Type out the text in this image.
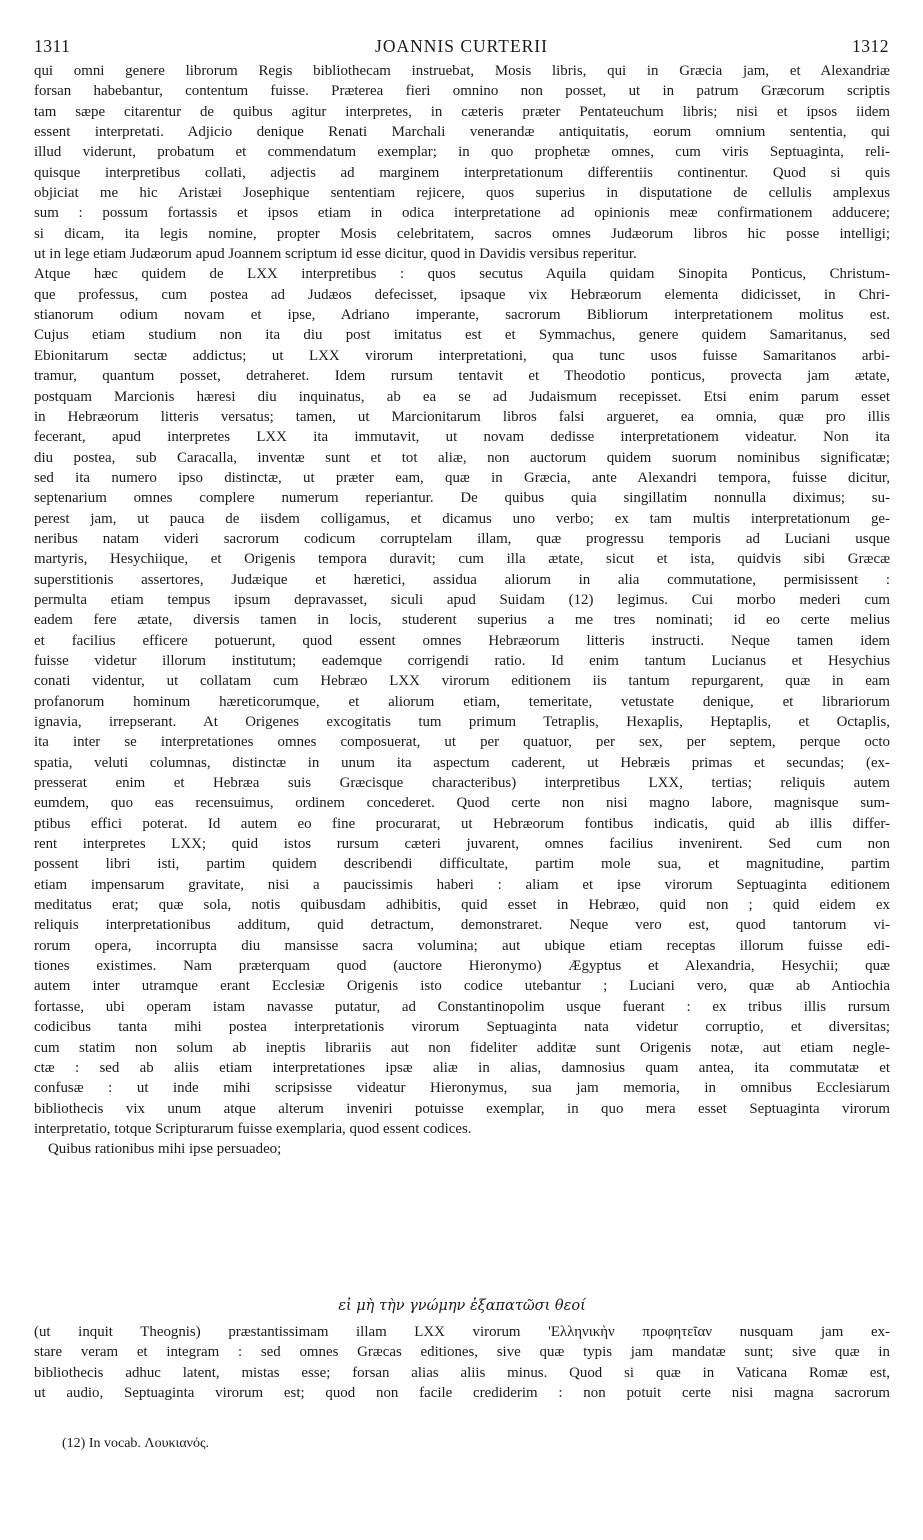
1311	JOANNIS CURTERII	1312
qui omni genere librorum Regis bibliothecam instruebat, Mosis libris, qui in Græcia jam, et Alexandriæ
forsan habebantur, contentum fuisse. Præterea fieri omnino non posset, ut in patrum Græcorum scriptis
tam sæpe citarentur de quibus agitur interpretes, in cæteris præter Pentateuchum libris; nisi et ipsos iidem
essent interpretati. Adjicio denique Renati Marchali venerandæ antiquitatis, eorum omnium sententia, qui
illud viderunt, probatum et commendatum exemplar; in quo prophetæ omnes, cum viris Septuaginta, reli-
quisque interpretibus collati, adjectis ad marginem interpretationum differentiis continentur. Quod si quis
objiciat me hic Aristæi Josephique sententiam rejicere, quos superius in disputatione de cellulis amplexus
sum : possum fortassis et ipsos etiam in odica interpretatione ad opinionis meæ confirmationem adducere;
si dicam, ita legis nomine, propter Mosis celebritatem, sacros omnes Judæorum libros hic posse intelligi;
ut in lege etiam Judæorum apud Joannem scriptum id esse dicitur, quod in Davidis versibus reperitur.
Atque hæc quidem de LXX interpretibus : quos secutus Aquila quidam Sinopita Ponticus, Christum-
que professus, cum postea ad Judæos defecisset, ipsaque vix Hebræorum elementa didicisset, in Chri-
stianorum odium novam et ipse, Adriano imperante, sacrorum Bibliorum interpretationem molitus est.
Cujus etiam studium non ita diu post imitatus est et Symmachus, genere quidem Samaritanus, sed
Ebionitarum sectæ addictus; ut LXX virorum interpretationi, qua tunc usos fuisse Samaritanos arbi-
tramur, quantum posset, detraheret. Idem rursum tentavit et Theodotio ponticus, provecta jam ætate,
postquam Marcionis hæresi diu inquinatus, ab ea se ad Judaismum recepisset. Etsi enim parum esset
in Hebræorum litteris versatus; tamen, ut Marcionitarum libros falsi argueret, ea omnia, quæ pro illis
fecerant, apud interpretes LXX ita immutavit, ut novam dedisse interpretationem videatur. Non ita
diu postea, sub Caracalla, inventæ sunt et tot aliæ, non auctorum quidem suorum nominibus significatæ;
sed ita numero ipso distinctæ, ut præter eam, quæ in Græcia, ante Alexandri tempora, fuisse dicitur,
septenarium omnes complere numerum reperiantur. De quibus quia singillatim nonnulla diximus; su-
perest jam, ut pauca de iisdem colligamus, et dicamus uno verbo; ex tam multis interpretationum ge-
neribus natam videri sacrorum codicum corruptelam illam, quæ progressu temporis ad Luciani usque
martyris, Hesychiique, et Origenis tempora duravit; cum illa ætate, sicut et ista, quidvis sibi Græcæ
superstitionis assertores, Judæique et hæretici, assidua aliorum in alia commutatione, permisissent :
permulta etiam tempus ipsum depravasset, siculi apud Suidam (12) legimus. Cui morbo mederi cum
eadem fere ætate, diversis tamen in locis, studerent superius a me tres nominati; id eo certe melius
et facilius efficere potuerunt, quod essent omnes Hebræorum litteris instructi. Neque tamen idem
fuisse videtur illorum institutum; eademque corrigendi ratio. Id enim tantum Lucianus et Hesychius
conati videntur, ut collatam cum Hebræo LXX virorum editionem iis tantum repurgarent, quæ in eam
profanorum hominum hæreticorumque, et aliorum etiam, temeritate, vetustate denique, et librariorum
ignavia, irrepserant. At Origenes excogitatis tum primum Tetraplis, Hexaplis, Heptaplis, et Octaplis,
ita inter se interpretationes omnes composuerat, ut per quatuor, per sex, per septem, perque octo
spatia, veluti columnas, distinctæ in unum ita aspectum caderent, ut Hebræis primas et secundas; (ex-
presserat enim et Hebræa suis Græcisque characteribus) interpretibus LXX, tertias; reliquis autem
eumdem, quo eas recensuimus, ordinem concederet. Quod certe non nisi magno labore, magnisque sum-
ptibus effici poterat. Id autem eo fine procurarat, ut Hebræorum fontibus indicatis, quid ab illis differ-
rent interpretes LXX; quid istos rursum cæteri juvarent, omnes facilius invenirent. Sed cum non
possent libri isti, partim quidem describendi difficultate, partim mole sua, et magnitudine, partim
etiam impensarum gravitate, nisi a paucissimis haberi : aliam et ipse virorum Septuaginta editionem
meditatus erat; quæ sola, notis quibusdam adhibitis, quid esset in Hebræo, quid non ; quid eidem ex
reliquis interpretationibus additum, quid detractum, demonstraret. Neque vero est, quod tantorum vi-
rorum opera, incorrupta diu mansisse sacra volumina; aut ubique etiam receptas illorum fuisse edi-
tiones existimes. Nam præterquam quod (auctore Hieronymo) Ægyptus et Alexandria, Hesychii; quæ
autem inter utramque erant Ecclesiæ Origenis isto codice utebantur ; Luciani vero, quæ ab Antiochia
fortasse, ubi operam istam navasse putatur, ad Constantinopolim usque fuerant : ex tribus illis rursum
codicibus tanta mihi postea interpretationis virorum Septuaginta nata videtur corruptio, et diversitas;
cum statim non solum ab ineptis librariis aut non fideliter additæ sunt Origenis notæ, aut etiam negle-
ctæ : sed ab aliis etiam interpretationes ipsæ aliæ in alias, damnosius quam antea, ita commutatæ et
confusæ : ut inde mihi scripsisse videatur Hieronymus, sua jam memoria, in omnibus Ecclesiarum
bibliothecis vix unum atque alterum inveniri potuisse exemplar, in quo mera esset Septuaginta virorum
interpretatio, totque Scripturarum fuisse exemplaria, quod essent codices.
Quibus rationibus mihi ipse persuadeo;
εἰ μὴ τὴν γνώμην ἐξαπατῶσι θεοί
(ut inquit Theognis) præstantissimam illam LXX virorum 'Ελληνικὴν προφητεῖαν nusquam jam ex-
stare veram et integram : sed omnes Græcas editiones, sive quæ typis jam mandatæ sunt; sive quæ in
bibliothecis adhuc latent, mistas esse; forsan alias aliis minus. Quod si quæ in Vaticana Romæ est,
ut audio, Septuaginta virorum est; quod non facile crediderim : non potuit certe nisi magna sacrorum
(12) In vocab. Λουκιανός.
